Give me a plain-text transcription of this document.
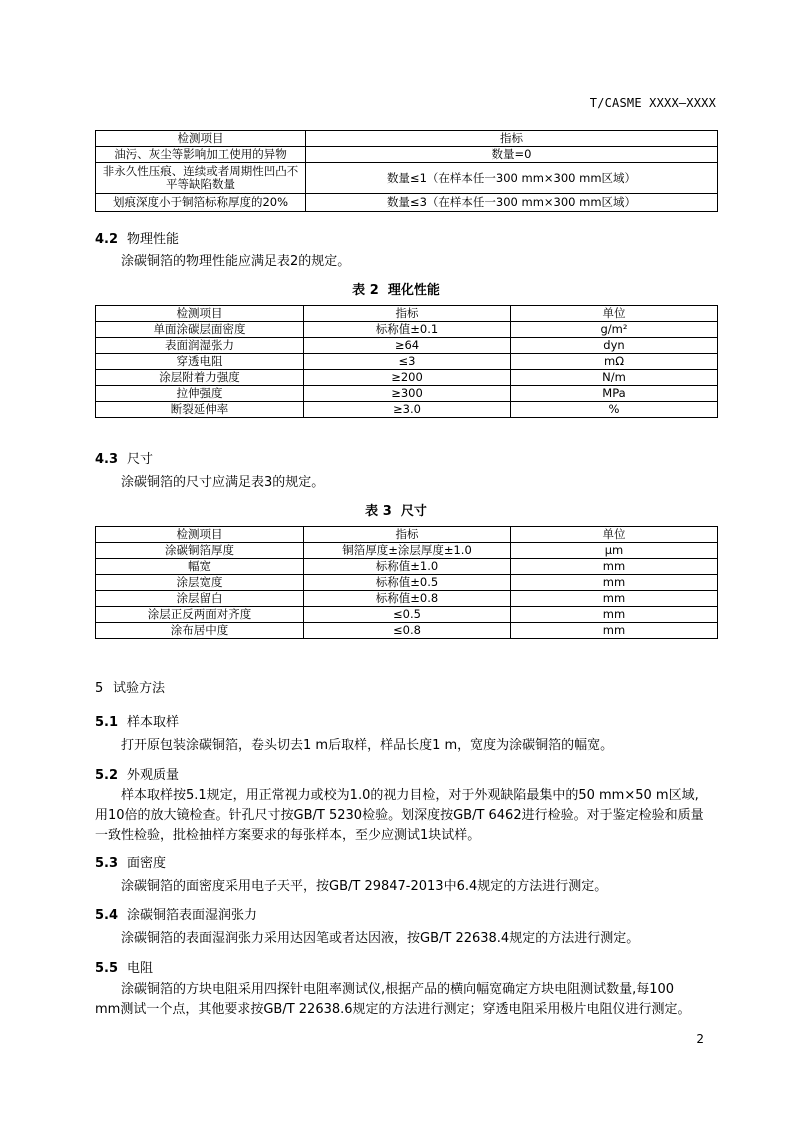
T/CASME XXXX—XXXX
检测项目	指标
油污、灰尘等影响加工使用的异物	数量=0
非永久性压痕、连续或者周期性凹凸不平等缺陷数量	数量≤1（在样本任一300 mm×300 mm区域）
划痕深度小于铜箔标称厚度的20%	数量≤3（在样本任一300 mm×300 mm区域）
4.2 物理性能
涂碳铜箔的物理性能应满足表2的规定。
表 2 理化性能
检测项目	指标	单位
单面涂碳层面密度	标称值±0.1	g/m²
表面润湿张力	≥64	dyn
穿透电阻	≤3	mΩ
涂层附着力强度	≥200	N/m
拉伸强度	≥300	MPa
断裂延伸率	≥3.0	%
4.3 尺寸
涂碳铜箔的尺寸应满足表3的规定。
表 3 尺寸
检测项目	指标	单位
涂碳铜箔厚度	铜箔厚度±涂层厚度±1.0	μm
幅宽	标称值±1.0	mm
涂层宽度	标称值±0.5	mm
涂层留白	标称值±0.8	mm
涂层正反两面对齐度	≤0.5	mm
涂布居中度	≤0.8	mm
5 试验方法
5.1 样本取样
打开原包装涂碳铜箔，卷头切去1 m后取样，样品长度1 m，宽度为涂碳铜箔的幅宽。
5.2 外观质量
样本取样按5.1规定，用正常视力或校为1.0的视力目检，对于外观缺陷最集中的50 mm×50 m区域,
用10倍的放大镜检查。针孔尺寸按GB/T 5230检验。划深度按GB/T 6462进行检验。对于鉴定检验和质量
一致性检验，批检抽样方案要求的每张样本，至少应测试1块试样。
5.3 面密度
涂碳铜箔的面密度采用电子天平，按GB/T 29847-2013中6.4规定的方法进行测定。
5.4 涂碳铜箔表面湿润张力
涂碳铜箔的表面湿润张力采用达因笔或者达因液，按GB/T 22638.4规定的方法进行测定。
5.5 电阻
涂碳铜箔的方块电阻采用四探针电阻率测试仪,根据产品的横向幅宽确定方块电阻测试数量,每100
mm测试一个点，其他要求按GB/T 22638.6规定的方法进行测定；穿透电阻采用极片电阻仪进行测定。
2
